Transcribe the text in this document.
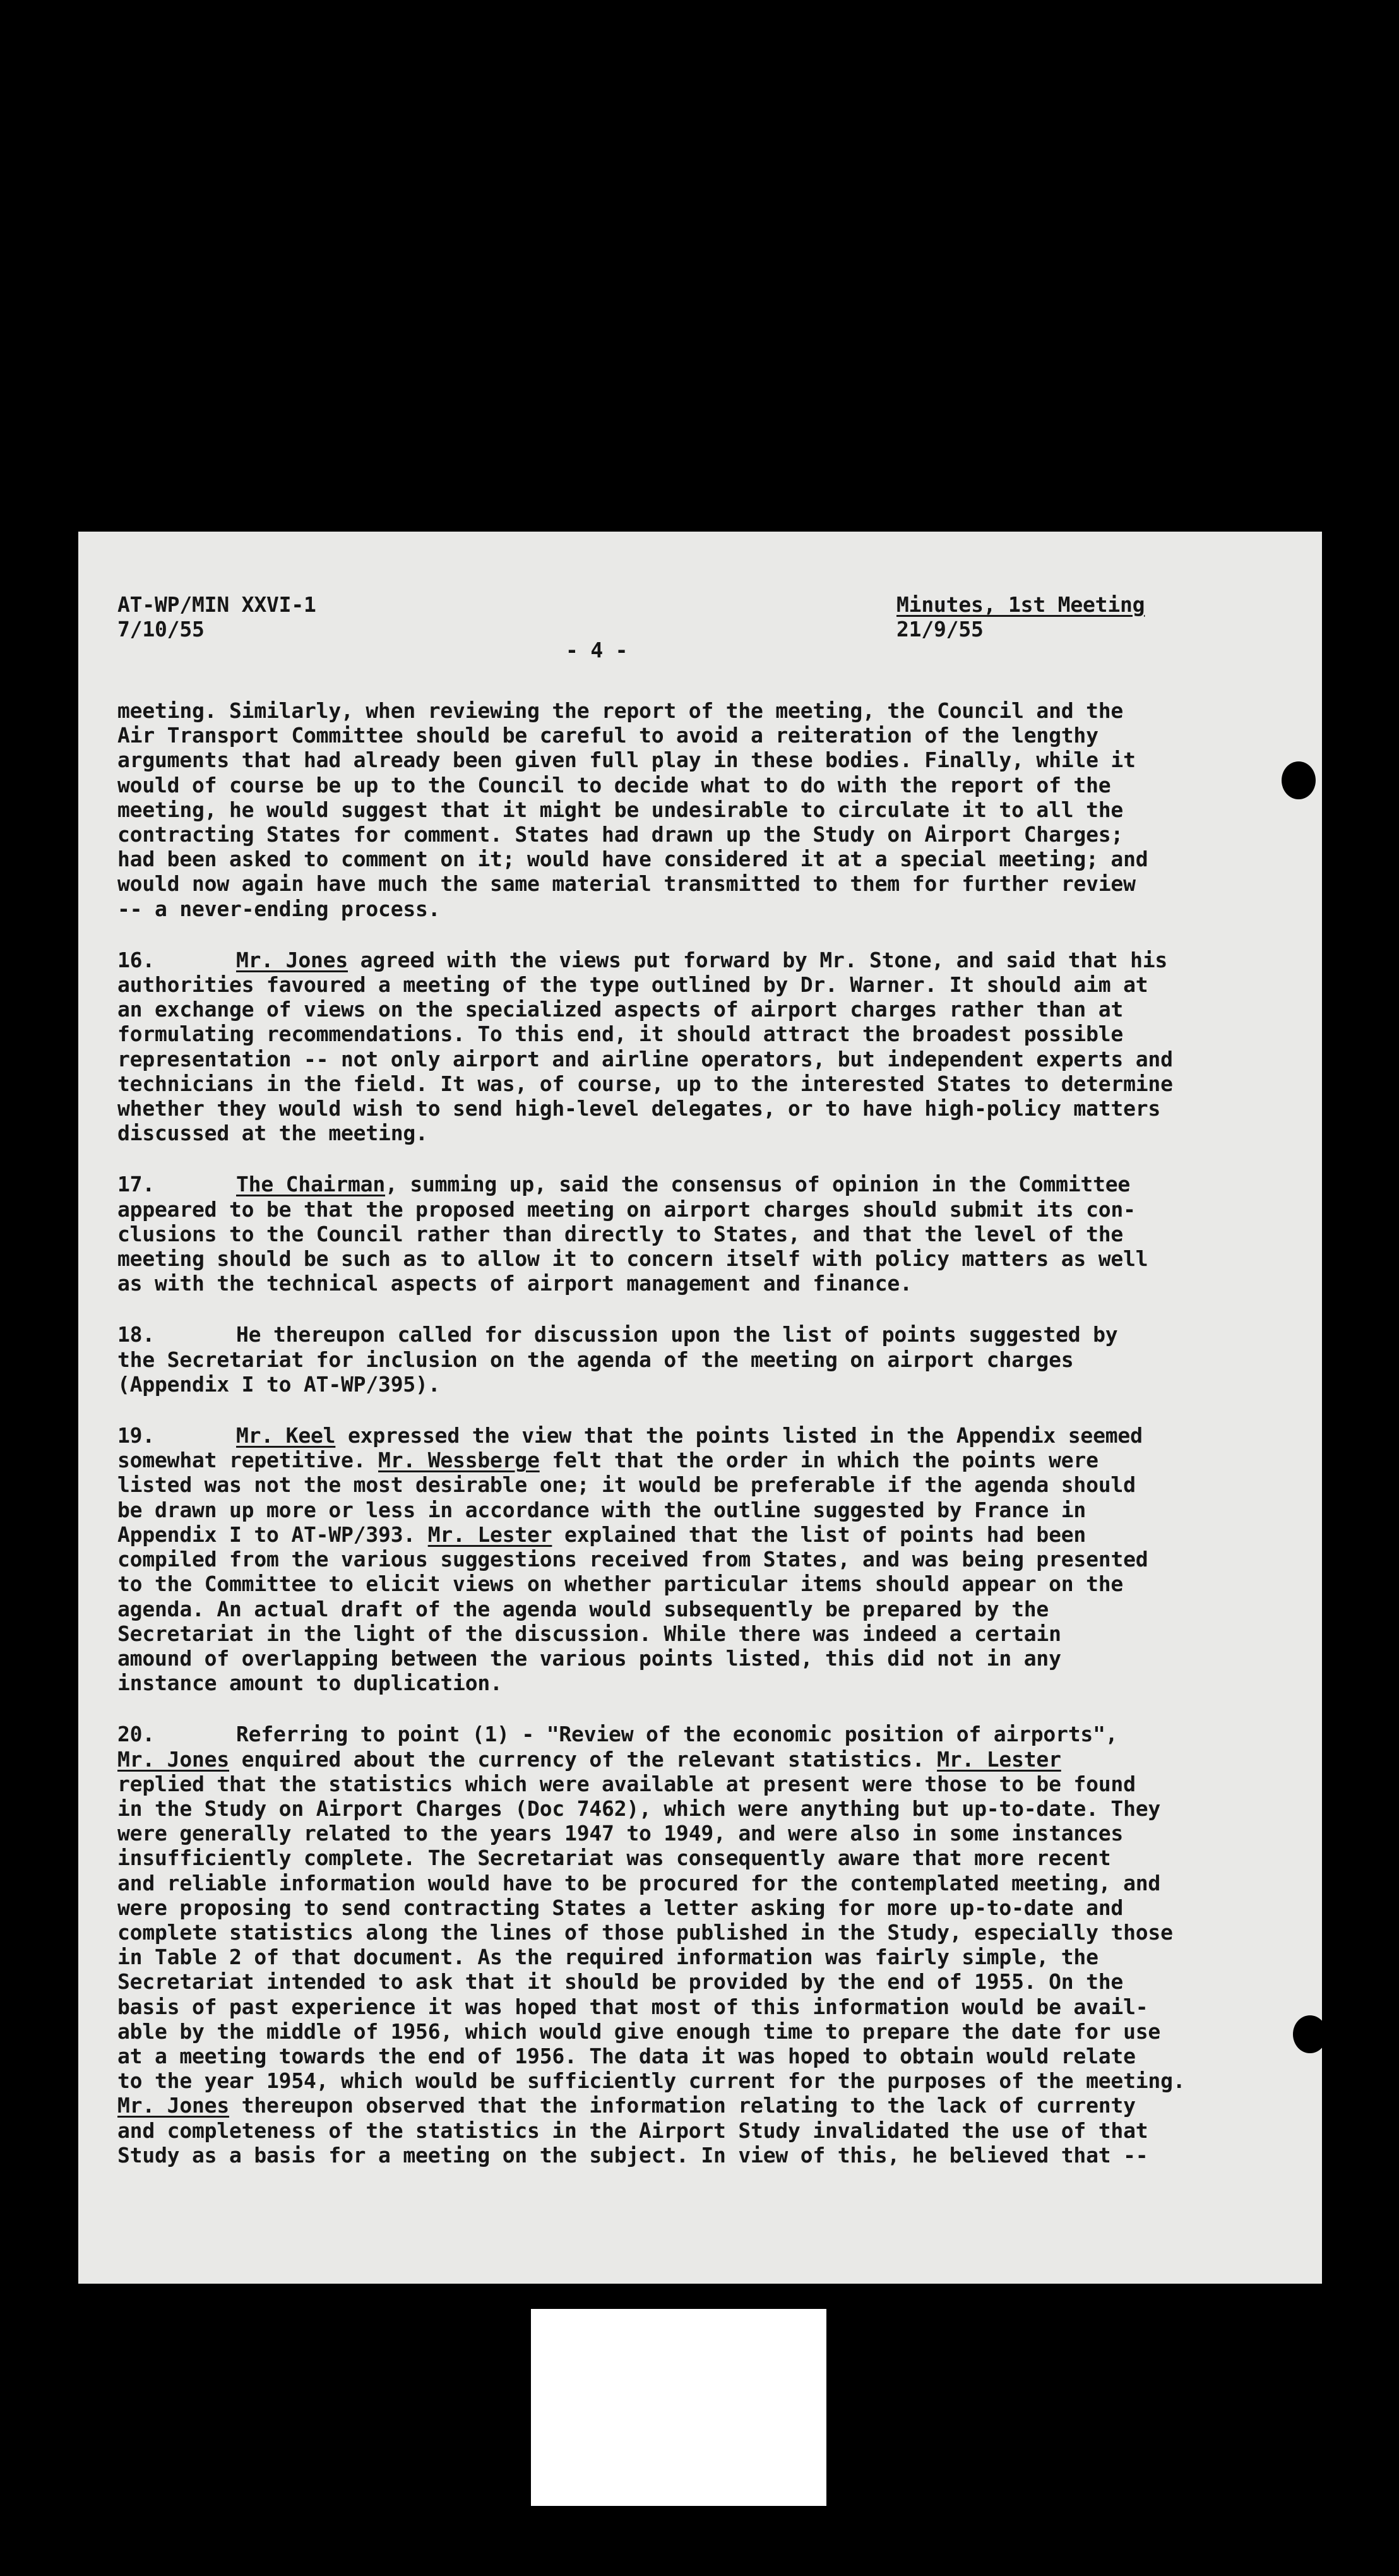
AT-WP/MIN XXVI-1
7/10/55
Minutes, 1st Meeting
21/9/55
- 4 -
meeting. Similarly, when reviewing the report of the meeting, the Council and the
Air Transport Committee should be careful to avoid a reiteration of the lengthy
arguments that had already been given full play in these bodies. Finally, while it
would of course be up to the Council to decide what to do with the report of the
meeting, he would suggest that it might be undesirable to circulate it to all the
contracting States for comment. States had drawn up the Study on Airport Charges;
had been asked to comment on it; would have considered it at a special meeting; and
would now again have much the same material transmitted to them for further review
-- a never-ending process.
16.	Mr. Jones agreed with the views put forward by Mr. Stone, and said that his
authorities favoured a meeting of the type outlined by Dr. Warner. It should aim at
an exchange of views on the specialized aspects of airport charges rather than at
formulating recommendations. To this end, it should attract the broadest possible
representation -- not only airport and airline operators, but independent experts and
technicians in the field. It was, of course, up to the interested States to determine
whether they would wish to send high-level delegates, or to have high-policy matters
discussed at the meeting.
17.	The Chairman, summing up, said the consensus of opinion in the Committee
appeared to be that the proposed meeting on airport charges should submit its con-
clusions to the Council rather than directly to States, and that the level of the
meeting should be such as to allow it to concern itself with policy matters as well
as with the technical aspects of airport management and finance.
18.	He thereupon called for discussion upon the list of points suggested by
the Secretariat for inclusion on the agenda of the meeting on airport charges
(Appendix I to AT-WP/395).
19.	Mr. Keel expressed the view that the points listed in the Appendix seemed
somewhat repetitive. Mr. Wessberge felt that the order in which the points were
listed was not the most desirable one; it would be preferable if the agenda should
be drawn up more or less in accordance with the outline suggested by France in
Appendix I to AT-WP/393. Mr. Lester explained that the list of points had been
compiled from the various suggestions received from States, and was being presented
to the Committee to elicit views on whether particular items should appear on the
agenda. An actual draft of the agenda would subsequently be prepared by the
Secretariat in the light of the discussion. While there was indeed a certain
amound of overlapping between the various points listed, this did not in any
instance amount to duplication.
20.	Referring to point (1) - "Review of the economic position of airports",
Mr. Jones enquired about the currency of the relevant statistics. Mr. Lester
replied that the statistics which were available at present were those to be found
in the Study on Airport Charges (Doc 7462), which were anything but up-to-date. They
were generally related to the years 1947 to 1949, and were also in some instances
insufficiently complete. The Secretariat was consequently aware that more recent
and reliable information would have to be procured for the contemplated meeting, and
were proposing to send contracting States a letter asking for more up-to-date and
complete statistics along the lines of those published in the Study, especially those
in Table 2 of that document. As the required information was fairly simple, the
Secretariat intended to ask that it should be provided by the end of 1955. On the
basis of past experience it was hoped that most of this information would be avail-
able by the middle of 1956, which would give enough time to prepare the date for use
at a meeting towards the end of 1956. The data it was hoped to obtain would relate
to the year 1954, which would be sufficiently current for the purposes of the meeting.
Mr. Jones thereupon observed that the information relating to the lack of currenty
and completeness of the statistics in the Airport Study invalidated the use of that
Study as a basis for a meeting on the subject. In view of this, he believed that --
